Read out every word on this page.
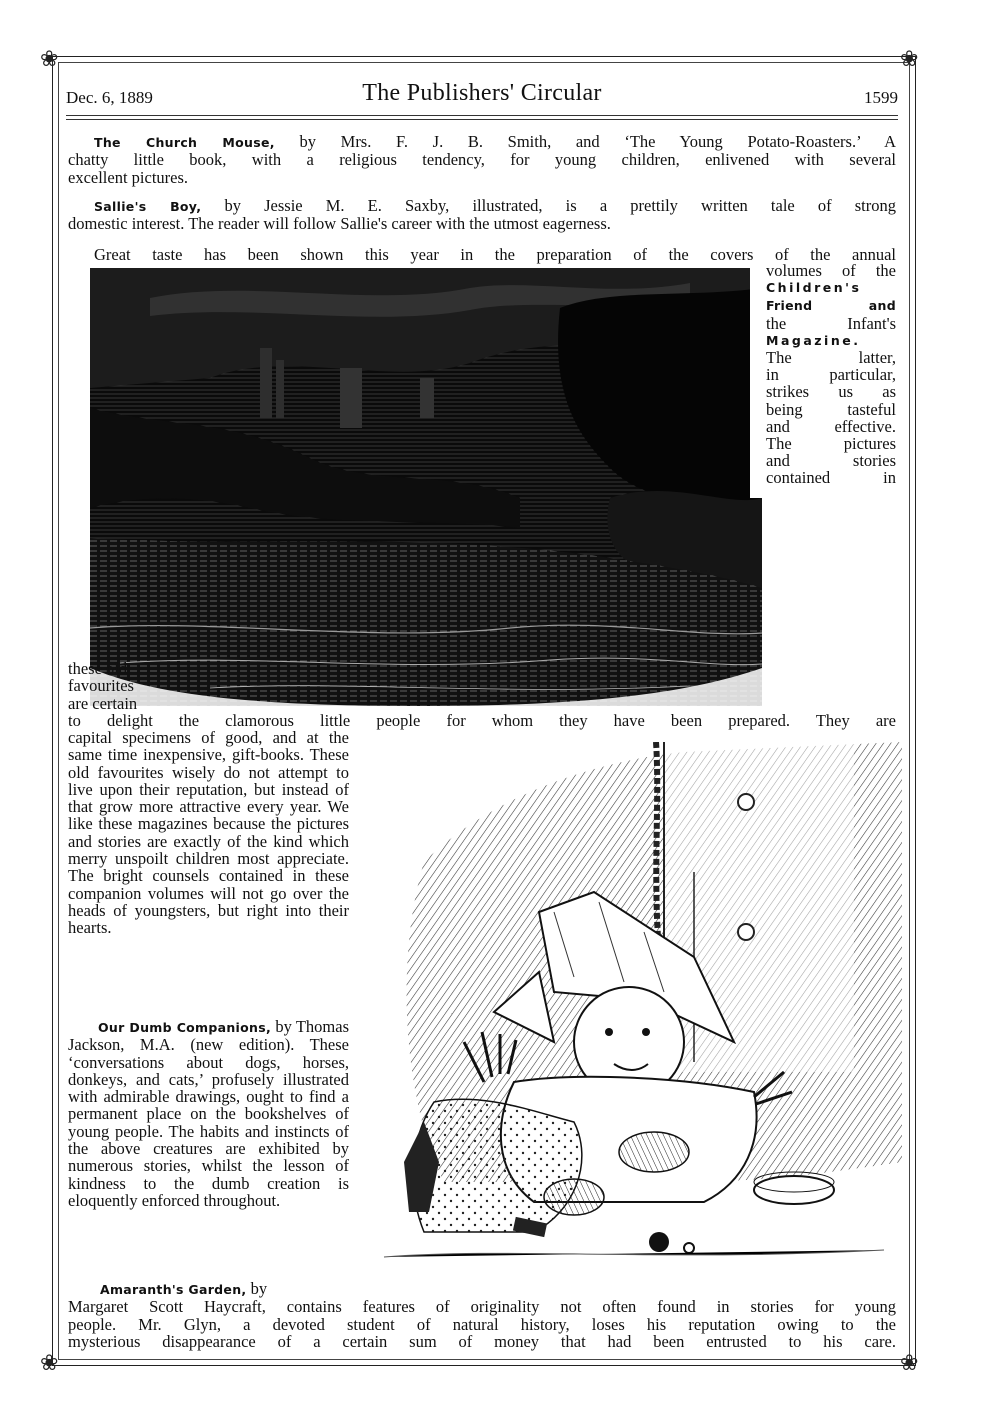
❀
❀
❀
❀
The Publishers' Circular
Dec. 6, 1889	1599
The Church Mouse, by Mrs. F. J. B. Smith, and ‘The Young Potato-Roasters.’ A
chatty little book, with a religious tendency, for young children, enlivened with several
excellent pictures.
Sallie's Boy, by Jessie M. E. Saxby, illustrated, is a prettily written tale of strong
domestic interest. The reader will follow Sallie's career with the utmost eagerness.
Great taste has been shown this year in the preparation of the covers of the annual
volumes of the
Children's
Friend and
the Infant's
Magazine.
The latter,
in particular,
strikes us as
being tasteful
and effective.
The pictures
and stories
contained in
these old
favourites
are certain
to delight the clamorous little people for whom they have been prepared. They are
capital specimens of good, and at the same time inexpensive, gift-books. These old favourites wisely do not attempt to live upon their reputation, but instead of that grow more attractive every year. We like these magazines because the pictures and stories are exactly of the kind which merry unspoilt children most appreciate. The bright counsels contained in these companion volumes will not go over the heads of youngsters, but right into their hearts.
Our Dumb Companions, by Thomas Jackson, M.A. (new edition). These ‘conversations about dogs, horses, donkeys, and cats,’ profusely illustrated with admirable drawings, ought to find a permanent place on the bookshelves of young people. The habits and instincts of the above creatures are exhibited by numerous stories, whilst the lesson of kindness to the dumb creation is eloquently enforced throughout.
Amaranth's Garden, by
Margaret Scott Haycraft, contains features of originality not often found in stories for young
people. Mr. Glyn, a devoted student of natural history, loses his reputation owing to the
mysterious disappearance of a certain sum of money that had been entrusted to his care.
